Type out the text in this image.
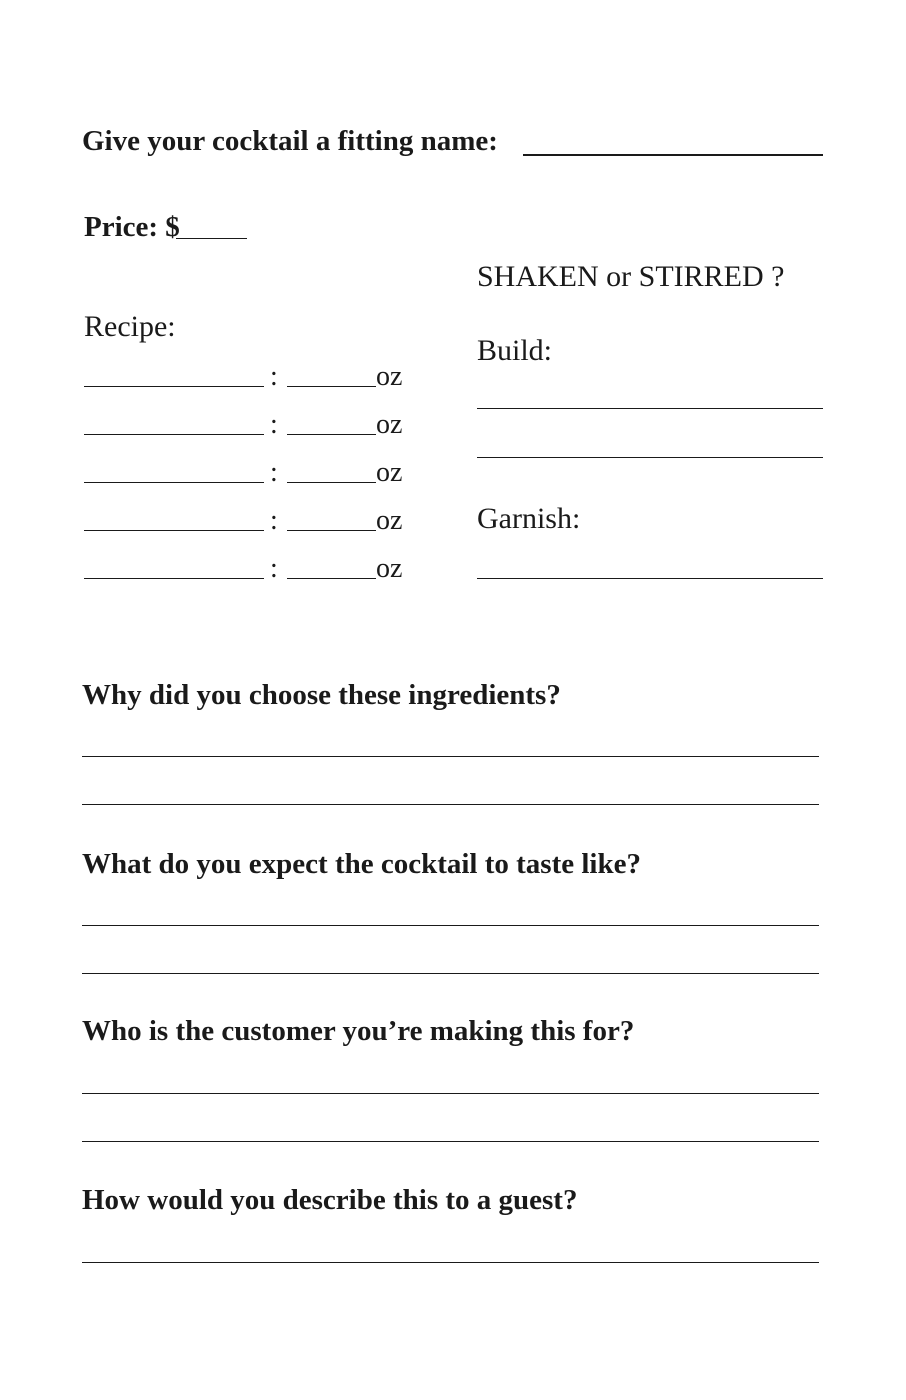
Give your cocktail a fitting name:
Price: $
SHAKEN or STIRRED ?
Recipe:
:	oz
:	oz
:	oz
:	oz
:	oz
Build:
Garnish:
Why did you choose these ingredients?
What do you expect the cocktail to taste like?
Who is the customer you’re making this for?
How would you describe this to a guest?
